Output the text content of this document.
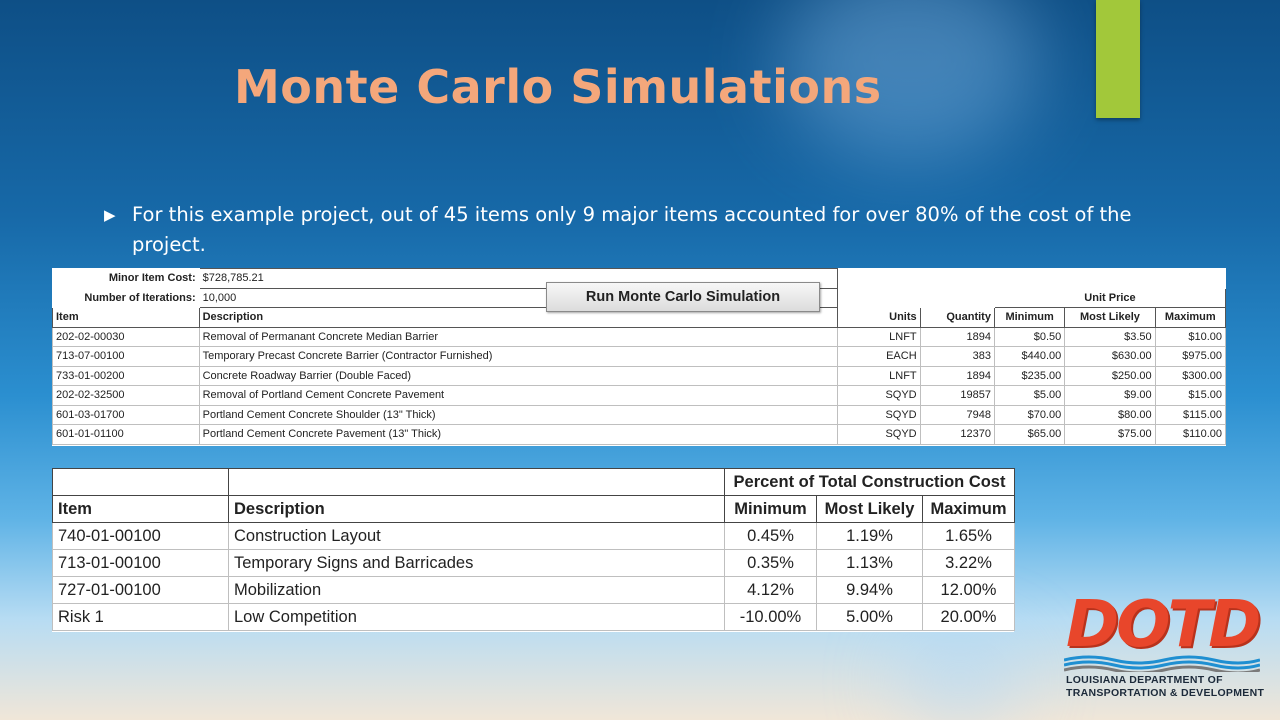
Monte Carlo Simulations
▶ For this example project, out of 45 items only 9 major items accounted for over 80% of the cost of the project.
Minor Item Cost:	$728,785.21					
Number of Iterations:	10,000			Unit Price		
Item	Description	Units	Quantity	Minimum	Most Likely	Maximum
202-02-00030	Removal of Permanant Concrete Median Barrier	LNFT	1894	$0.50	$3.50	$10.00
713-07-00100	Temporary Precast Concrete Barrier (Contractor Furnished)	EACH	383	$440.00	$630.00	$975.00
733-01-00200	Concrete Roadway Barrier (Double Faced)	LNFT	1894	$235.00	$250.00	$300.00
202-02-32500	Removal of Portland Cement Concrete Pavement	SQYD	19857	$5.00	$9.00	$15.00
601-03-01700	Portland Cement Concrete Shoulder (13" Thick)	SQYD	7948	$70.00	$80.00	$115.00
601-01-01100	Portland Cement Concrete Pavement (13" Thick)	SQYD	12370	$65.00	$75.00	$110.00
Run Monte Carlo Simulation
		Percent of Total Construction Cost		
Item	Description	Minimum	Most Likely	Maximum
740-01-00100	Construction Layout	0.45%	1.19%	1.65%
713-01-00100	Temporary Signs and Barricades	0.35%	1.13%	3.22%
727-01-00100	Mobilization	4.12%	9.94%	12.00%
Risk 1	Low Competition	-10.00%	5.00%	20.00% DOTD
LOUISIANA DEPARTMENT OF
TRANSPORTATION & DEVELOPMENT
